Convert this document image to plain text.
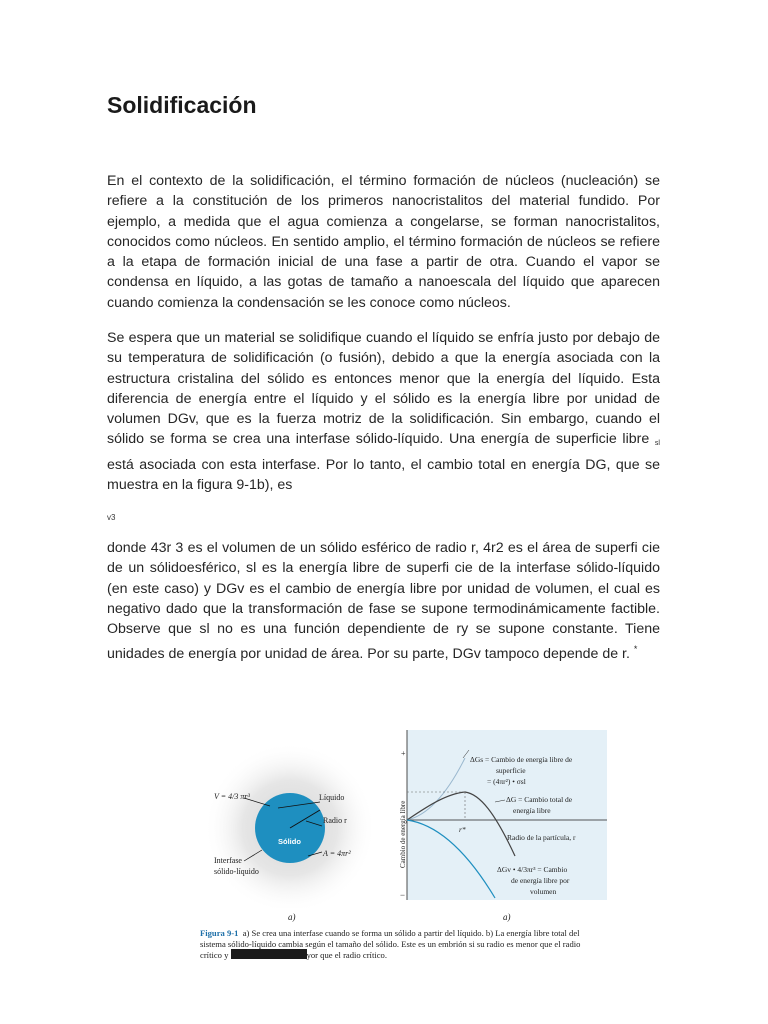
Solidificación

En el contexto de la solidificación, el término formación de núcleos (nucleación) se refiere a la constitución de los primeros nanocristalitos del material fundido. Por ejemplo, a medida que el agua comienza a congelarse, se forman nanocristalitos, conocidos como núcleos. En sentido amplio, el término formación de núcleos se refiere a la etapa de formación inicial de una fase a partir de otra. Cuando el vapor se condensa en líquido, a las gotas de tamaño a nanoescala del líquido que aparecen cuando comienza la condensación se les conoce como núcleos.

Se espera que un material se solidifique cuando el líquido se enfría justo por debajo de su temperatura de solidificación (o fusión), debido a que la energía asociada con la estructura cristalina del sólido es entonces menor que la energía del líquido. Esta diferencia de energía entre el líquido y el sólido es la energía libre por unidad de volumen DGv, que es la fuerza motriz de la solidificación. Sin embargo, cuando el sólido se forma se crea una interfase sólido-líquido. Una energía de superficie libre $_{sl}$ está asociada con esta interfase. Por lo tanto, el cambio total en energía DG, que se muestra en la figura 9-1b), es

v3

donde 43r 3 es el volumen de un sólido esférico de radio r, 4r2 es el área de superfi cie de un sólidoesférico, sl es la energía libre de superfi cie de la interfase sólido-líquido (en este caso) y DGv es el cambio de energía libre por unidad de volumen, el cual es negativo dado que la transformación de fase se supone termodinámicamente factible. Observe que sl no es una función dependiente de ry se supone constante. Tiene unidades de energía por unidad de área. Por su parte, DGv tampoco depende de r. *

V = 4/3 πr³	Líquido
Radio r
Sólido
A = 4πr²
Interfase
sólido-líquido
a)
+
−
Cambio de energía libre
ΔGs = Cambio de energía libre de
superficie
= (4πr²) • σsl
ΔG = Cambio total de
energía libre
r*
Radio de la partícula, r
ΔGv • 4/3πr³ = Cambio
de energía libre por
volumen
a)

Figura 9-1 a) Se crea una interfase cuando se forma un sólido a partir del líquido. b) La energía libre total del sistema sólido-líquido cambia según el tamaño del sólido. Este es un embrión si su radio es menor que el radio crítico y	yor que el radio crítico.
